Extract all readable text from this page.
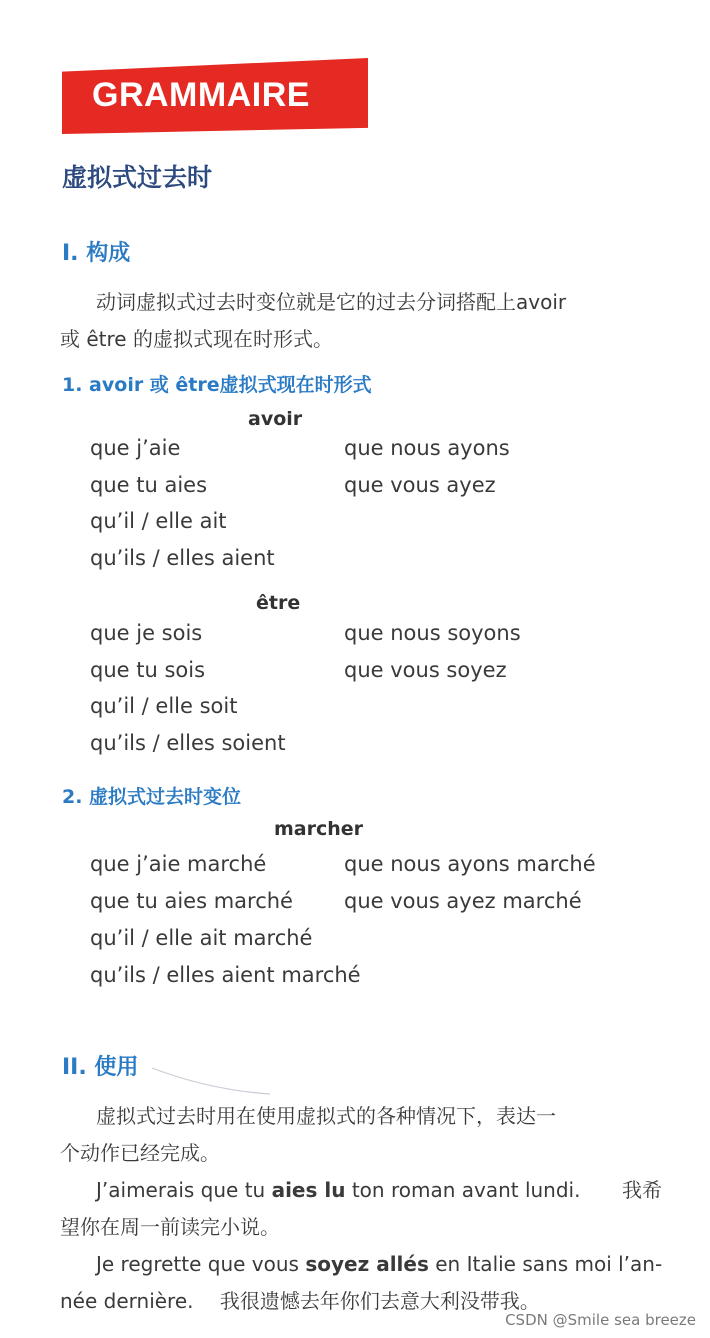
GRAMMAIRE
虚拟式过去时
I. 构成
动词虚拟式过去时变位就是它的过去分词搭配上avoir
或 être 的虚拟式现在时形式。
1. avoir 或 être虚拟式现在时形式
avoir
que j’aie
que tu aies
qu’il / elle ait
qu’ils / elles aient
que nous ayons
que vous ayez
être
que je sois
que tu sois
qu’il / elle soit
qu’ils / elles soient
que nous soyons
que vous soyez
2. 虚拟式过去时变位
marcher
que j’aie marché
que tu aies marché
qu’il / elle ait marché
qu’ils / elles aient marché
que nous ayons marché
que vous ayez marché
II. 使用
虚拟式过去时用在使用虚拟式的各种情况下，表达一
个动作已经完成。
J’aimerais que tu aies lu ton roman avant lundi.	我希
望你在周一前读完小说。
Je regrette que vous soyez allés en Italie sans moi l’an-
née dernière. 我很遗憾去年你们去意大利没带我。
CSDN @Smile sea breeze
